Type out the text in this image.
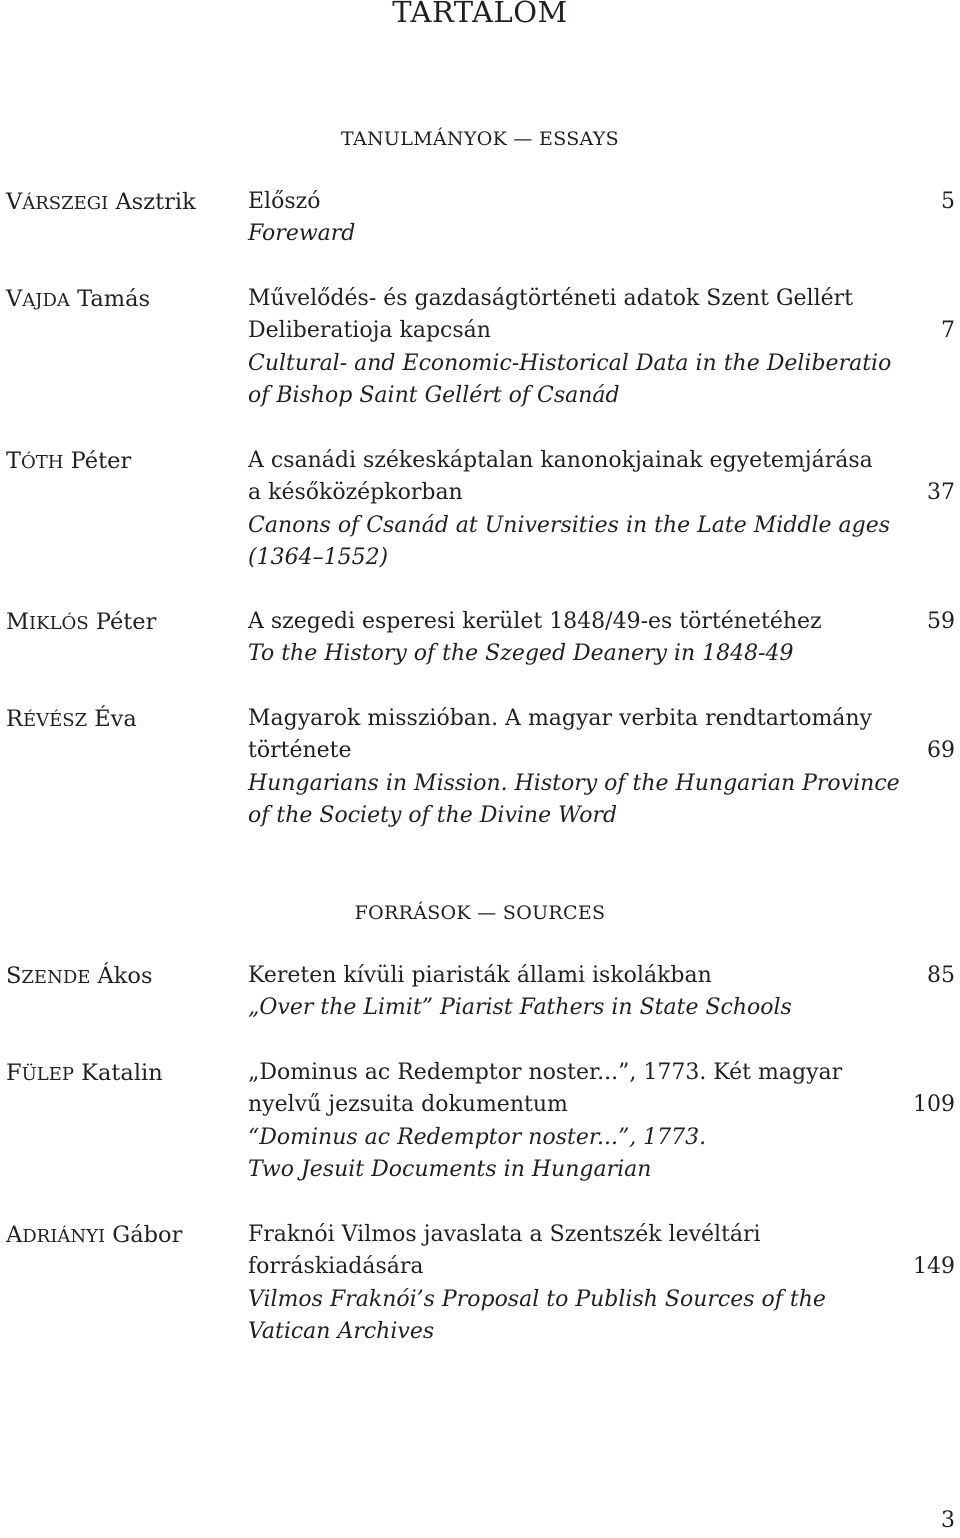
TARTALOM
TANULMÁNYOK — ESSAYS
VÁRSZEGI Asztrik Előszó
Foreward
5
VAJDA Tamás	Művelődés- és gazdaságtörténeti adatok Szent Gellért
Deliberatioja kapcsán
Cultural- and Economic-Historical Data in the Deliberatio
of Bishop Saint Gellért of Csanád
7
TÓTH Péter	A csanádi székeskáptalan kanonokjainak egyetemjárása
a későközépkorban
Canons of Csanád at Universities in the Late Middle ages
(1364–1552)
37
MIKLÓS Péter	A szegedi esperesi kerület 1848/49-es történetéhez
To the History of the Szeged Deanery in 1848-49
59
RÉVÉSZ Éva	Magyarok misszióban. A magyar verbita rendtartomány
története
Hungarians in Mission. History of the Hungarian Province
of the Society of the Divine Word
69
FORRÁSOK — SOURCES
SZENDE Ákos	Kereten kívüli piaristák állami iskolákban
„Over the Limit” Piarist Fathers in State Schools
85
FÜLEP Katalin	„Dominus ac Redemptor noster...”, 1773. Két magyar
nyelvű jezsuita dokumentum
“Dominus ac Redemptor noster...”, 1773.
Two Jesuit Documents in Hungarian
109
ADRIÁNYI Gábor	Fraknói Vilmos javaslata a Szentszék levéltári
forráskiadására
Vilmos Fraknói’s Proposal to Publish Sources of the
Vatican Archives
149
3
